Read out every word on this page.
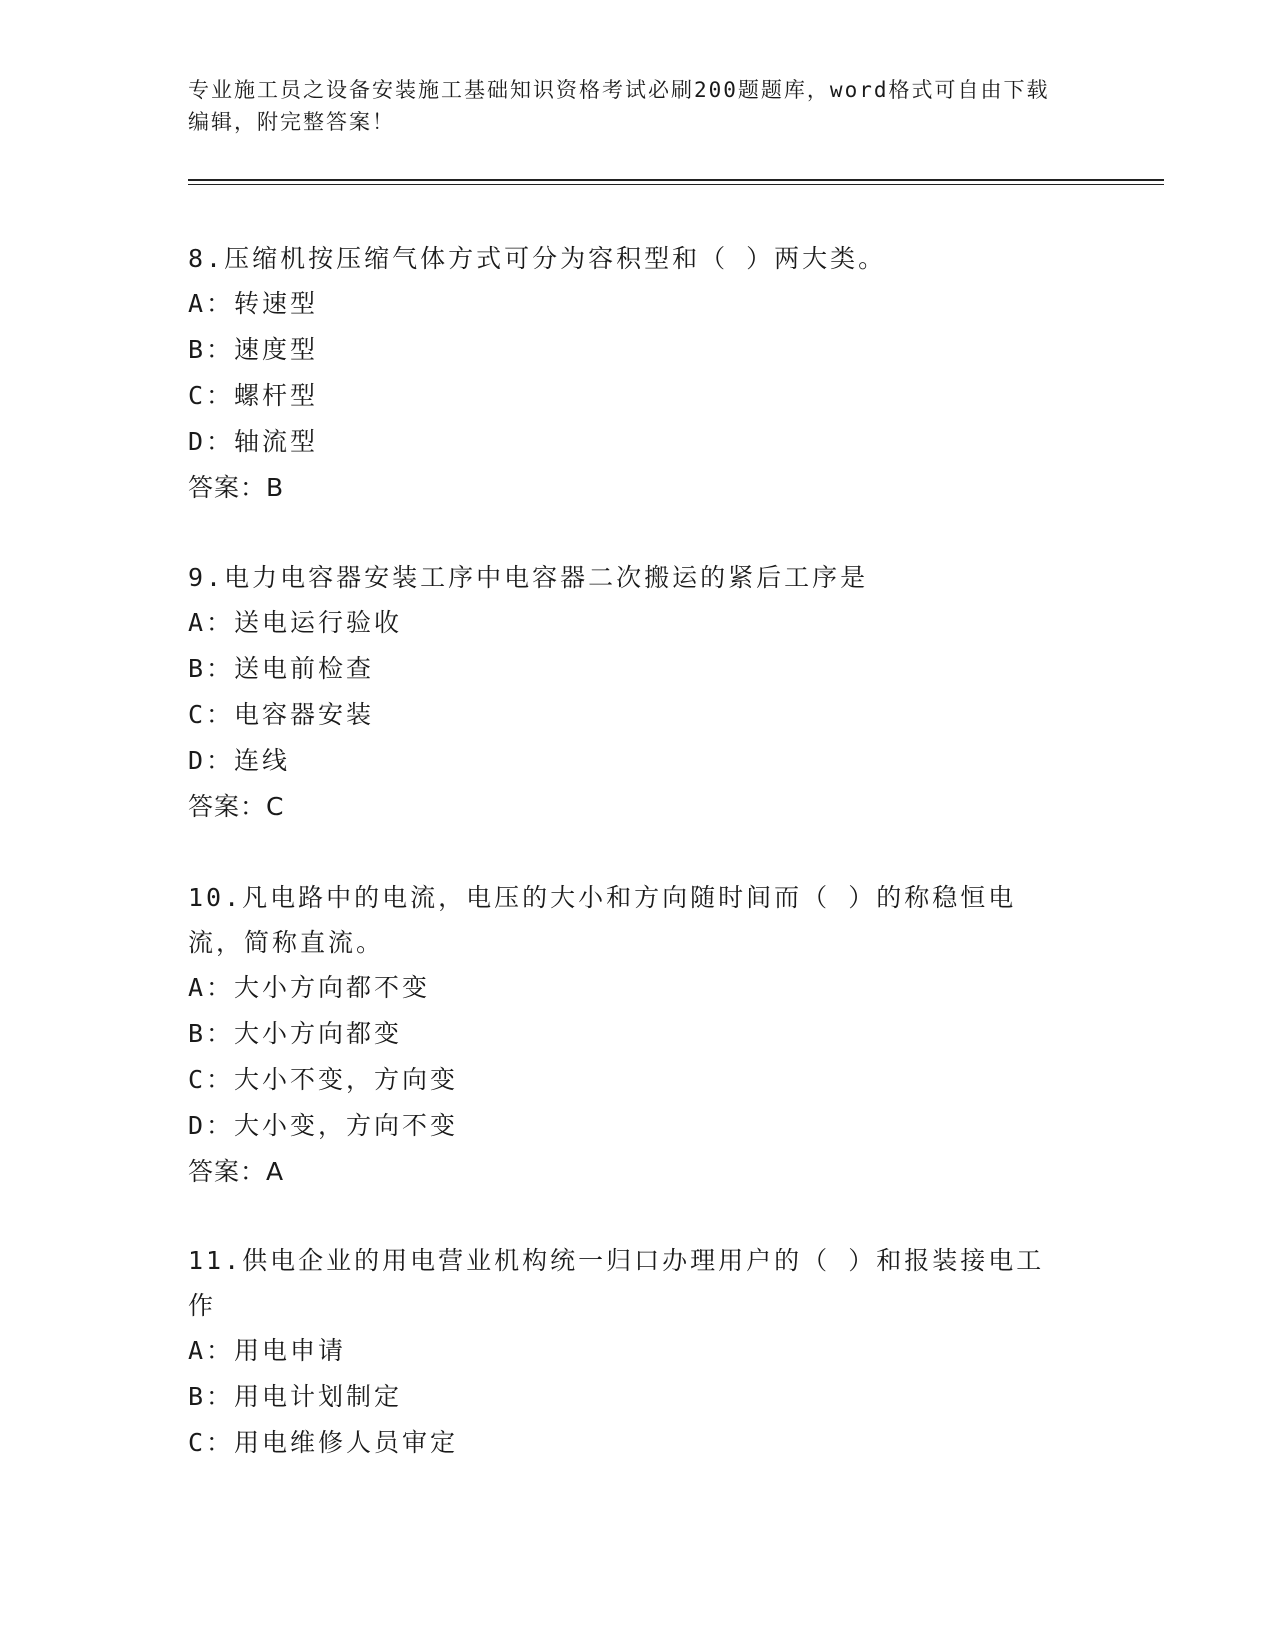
专业施工员之设备安装施工基础知识资格考试必刷200题题库，word格式可自由下载编辑，附完整答案！
8.压缩机按压缩气体方式可分为容积型和（ ）两大类。
A：转速型
B：速度型
C：螺杆型
D：轴流型
答案：B
9.电力电容器安装工序中电容器二次搬运的紧后工序是
A：送电运行验收
B：送电前检查
C：电容器安装
D：连线
答案：C
10.凡电路中的电流，电压的大小和方向随时间而（ ）的称稳恒电流，简称直流。
A：大小方向都不变
B：大小方向都变
C：大小不变，方向变
D：大小变，方向不变
答案：A
11.供电企业的用电营业机构统一归口办理用户的（ ）和报装接电工作
A：用电申请
B：用电计划制定
C：用电维修人员审定
